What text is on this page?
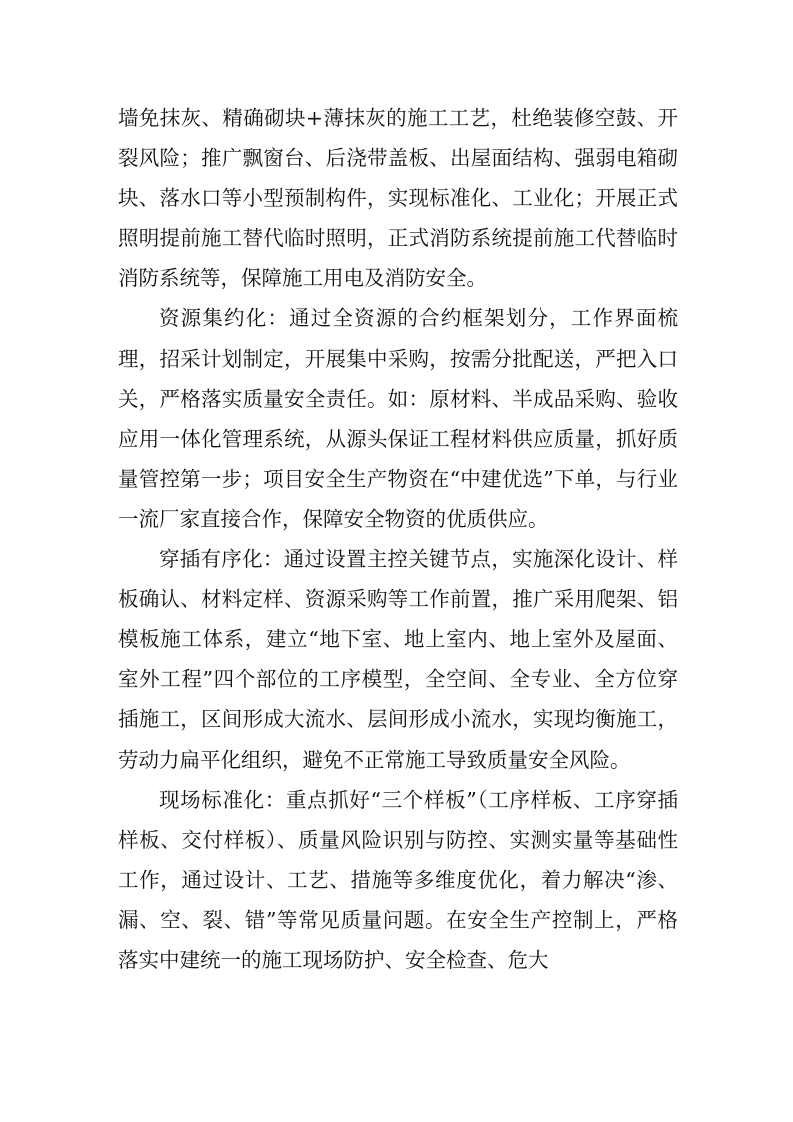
墙免抹灰、精确砌块+薄抹灰的施工工艺，杜绝装修空鼓、开裂风险；推广飘窗台、后浇带盖板、出屋面结构、强弱电箱砌块、落水口等小型预制构件，实现标准化、工业化；开展正式照明提前施工替代临时照明，正式消防系统提前施工代替临时消防系统等，保障施工用电及消防安全。

资源集约化：通过全资源的合约框架划分，工作界面梳理，招采计划制定，开展集中采购，按需分批配送，严把入口关，严格落实质量安全责任。如：原材料、半成品采购、验收应用一体化管理系统，从源头保证工程材料供应质量，抓好质量管控第一步；项目安全生产物资在“中建优选”下单，与行业一流厂家直接合作，保障安全物资的优质供应。

穿插有序化：通过设置主控关键节点，实施深化设计、样板确认、材料定样、资源采购等工作前置，推广采用爬架、铝模板施工体系，建立“地下室、地上室内、地上室外及屋面、室外工程”四个部位的工序模型，全空间、全专业、全方位穿插施工，区间形成大流水、层间形成小流水，实现均衡施工，劳动力扁平化组织，避免不正常施工导致质量安全风险。

现场标准化：重点抓好“三个样板”（工序样板、工序穿插样板、交付样板）、质量风险识别与防控、实测实量等基础性工作，通过设计、工艺、措施等多维度优化，着力解决“渗、漏、空、裂、错”等常见质量问题。在安全生产控制上，严格落实中建统一的施工现场防护、安全检查、危大
